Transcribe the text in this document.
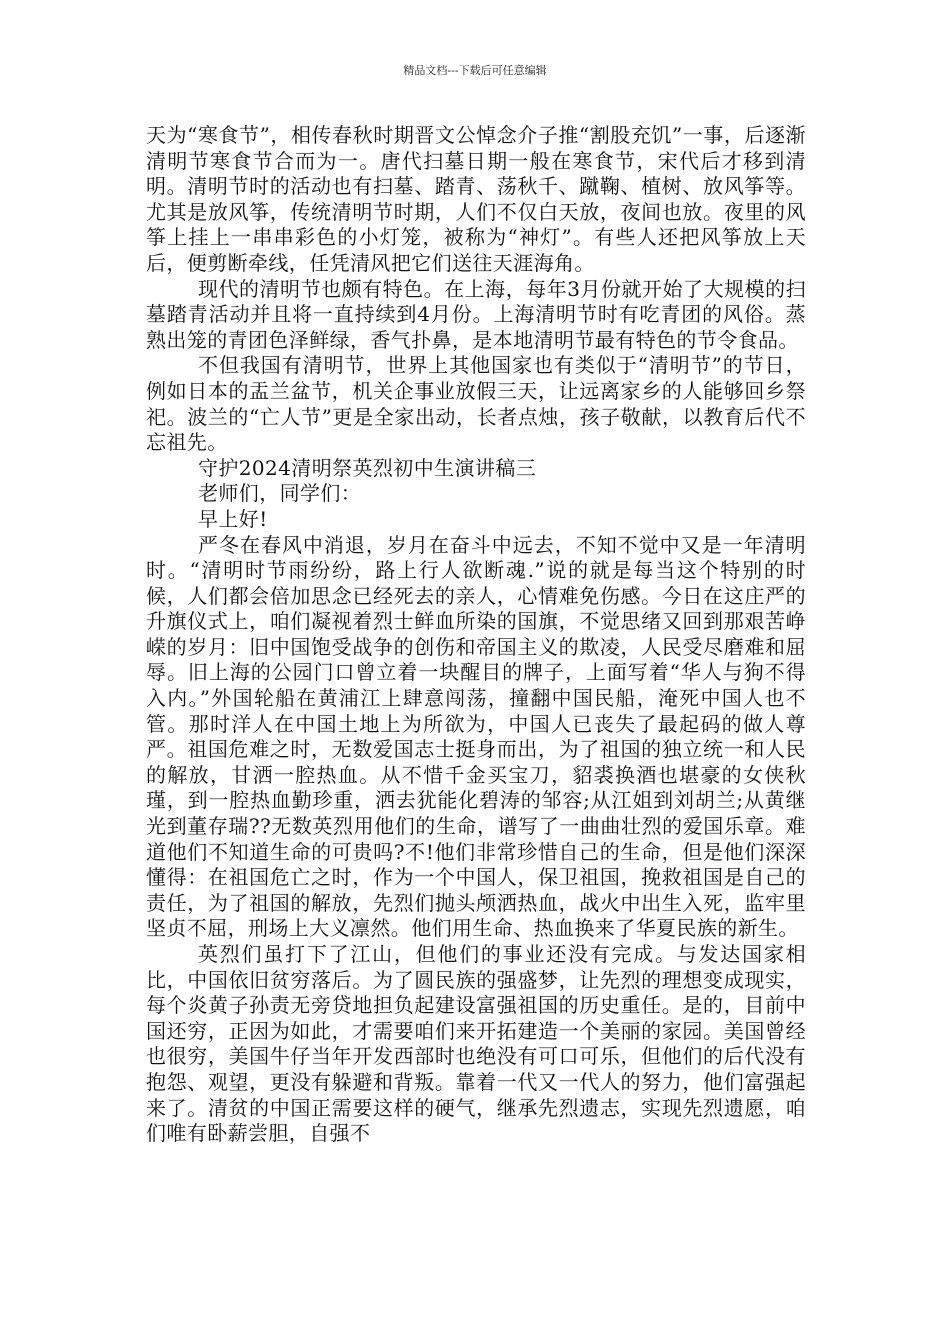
精品文档---下载后可任意编辑

天为“寒食节”，相传春秋时期晋文公悼念介子推“割股充饥”一事，后逐渐清明节寒食节合而为一。唐代扫墓日期一般在寒食节，宋代后才移到清明。清明节时的活动也有扫墓、踏青、荡秋千、蹴鞠、植树、放风筝等。尤其是放风筝，传统清明节时期，人们不仅白天放，夜间也放。夜里的风筝上挂上一串串彩色的小灯笼，被称为“神灯”。有些人还把风筝放上天后，便剪断牵线，任凭清风把它们送往天涯海角。

现代的清明节也颇有特色。在上海，每年3月份就开始了大规模的扫墓踏青活动并且将一直持续到4月份。上海清明节时有吃青团的风俗。蒸熟出笼的青团色泽鲜绿，香气扑鼻，是本地清明节最有特色的节令食品。

不但我国有清明节，世界上其他国家也有类似于“清明节”的节日，例如日本的盂兰盆节，机关企事业放假三天，让远离家乡的人能够回乡祭祀。波兰的“亡人节”更是全家出动，长者点烛，孩子敬献，以教育后代不忘祖先。

守护2024清明祭英烈初中生演讲稿三

老师们，同学们：

早上好!

严冬在春风中消退，岁月在奋斗中远去，不知不觉中又是一年清明时。“清明时节雨纷纷，路上行人欲断魂.”说的就是每当这个特别的时候，人们都会倍加思念已经死去的亲人，心情难免伤感。今日在这庄严的升旗仪式上，咱们凝视着烈士鲜血所染的国旗，不觉思绪又回到那艰苦峥嵘的岁月：旧中国饱受战争的创伤和帝国主义的欺凌，人民受尽磨难和屈辱。旧上海的公园门口曾立着一块醒目的牌子，上面写着“华人与狗不得入内。”外国轮船在黄浦江上肆意闯荡，撞翻中国民船，淹死中国人也不管。那时洋人在中国土地上为所欲为，中国人已丧失了最起码的做人尊严。祖国危难之时，无数爱国志士挺身而出，为了祖国的独立统一和人民的解放，甘洒一腔热血。从不惜千金买宝刀，貂裘换酒也堪豪的女侠秋瑾，到一腔热血勤珍重，洒去犹能化碧涛的邹容;从江姐到刘胡兰;从黄继光到董存瑞??无数英烈用他们的生命，谱写了一曲曲壮烈的爱国乐章。难道他们不知道生命的可贵吗?不!他们非常珍惜自己的生命，但是他们深深懂得：在祖国危亡之时，作为一个中国人，保卫祖国，挽救祖国是自己的责任，为了祖国的解放，先烈们抛头颅洒热血，战火中出生入死，监牢里坚贞不屈，刑场上大义凛然。他们用生命、热血换来了华夏民族的新生。

英烈们虽打下了江山，但他们的事业还没有完成。与发达国家相比，中国依旧贫穷落后。为了圆民族的强盛梦，让先烈的理想变成现实，每个炎黄子孙责无旁贷地担负起建设富强祖国的历史重任。是的，目前中国还穷，正因为如此，才需要咱们来开拓建造一个美丽的家园。美国曾经也很穷，美国牛仔当年开发西部时也绝没有可口可乐，但他们的后代没有抱怨、观望，更没有躲避和背叛。靠着一代又一代人的努力，他们富强起来了。清贫的中国正需要这样的硬气，继承先烈遗志，实现先烈遗愿，咱们唯有卧薪尝胆，自强不
